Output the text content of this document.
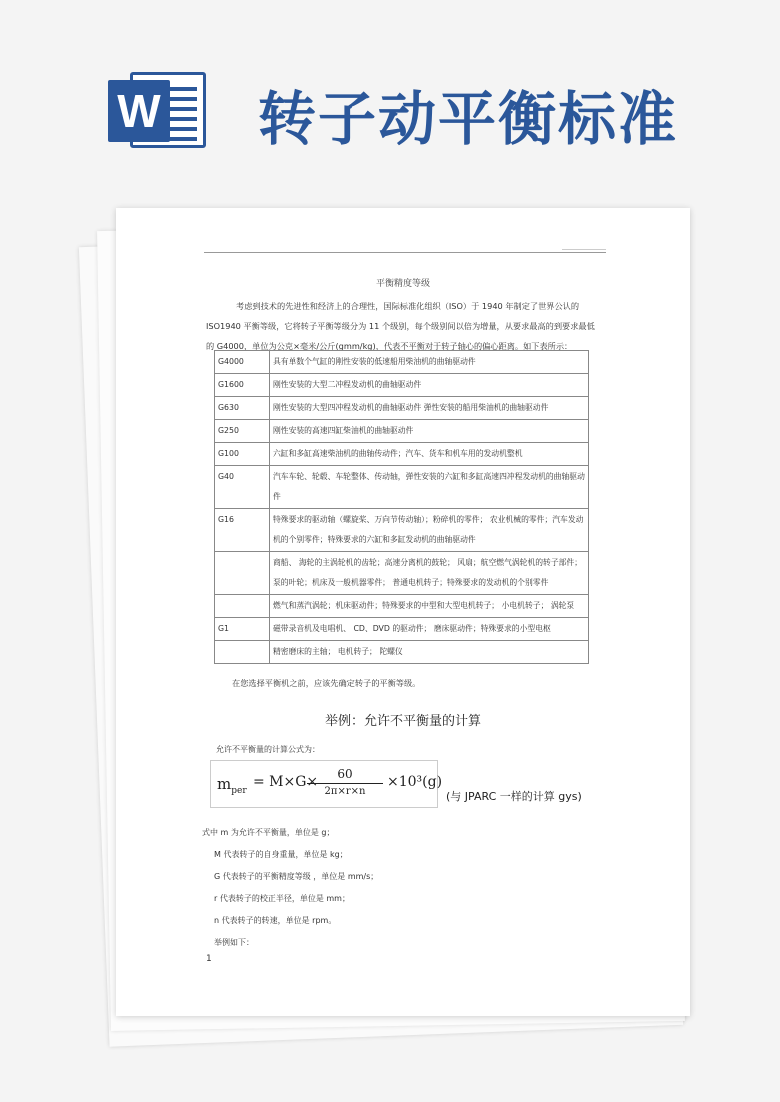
W 转子动平衡标准
平衡精度等级
考虑到技术的先进性和经济上的合理性，国际标准化组织（ISO）于 1940 年制定了世界公认的
ISO1940 平衡等级，它将转子平衡等级分为 11 个级别，每个级别间以倍为增量，从要求最高的到要求最低
的 G4000，单位为公克×毫米/公斤(gmm/kg)，代表不平衡对于转子轴心的偏心距离。如下表所示：
G4000	具有单数个气缸的刚性安装的低速船用柴油机的曲轴驱动件
G1600	刚性安装的大型二冲程发动机的曲轴驱动件
G630	刚性安装的大型四冲程发动机的曲轴驱动件 弹性安装的船用柴油机的曲轴驱动件
G250	刚性安装的高速四缸柴油机的曲轴驱动件
G100	六缸和多缸高速柴油机的曲轴传动件；汽车、货车和机车用的发动机整机
G40	汽车车轮、轮毂、车轮整体、传动轴，弹性安装的六缸和多缸高速四冲程发动机的曲轴驱动件
G16	特殊要求的驱动轴（螺旋桨、万向节传动轴）；粉碎机的零件； 农业机械的零件；汽车发动机的个别零件；特殊要求的六缸和多缸发动机的曲轴驱动件
	商船、 海轮的主涡轮机的齿轮；高速分离机的鼓轮； 风扇；航空燃气涡轮机的转子部件； 泵的叶轮；机床及一般机器零件； 普通电机转子；特殊要求的发动机的个别零件
	燃气和蒸汽涡轮；机床驱动件；特殊要求的中型和大型电机转子； 小电机转子； 涡轮泵
G1	磁带录音机及电唱机、 CD、DVD 的驱动件； 磨床驱动件；特殊要求的小型电枢
	精密磨床的主轴； 电机转子； 陀螺仪
在您选择平衡机之前，应该先确定转子的平衡等级。
举例：允许不平衡量的计算
允许不平衡量的计算公式为：
$m_{per}$
= M×G×	60
2π×r×n
×10³(g)
(与 JPARC 一样的计算 gys)
式中 m 为允许不平衡量，单位是 g；
M 代表转子的自身重量，单位是 kg；
G 代表转子的平衡精度等级 ，单位是 mm/s；
r 代表转子的校正半径，单位是 mm；
n 代表转子的转速，单位是 rpm。
举例如下：
1
